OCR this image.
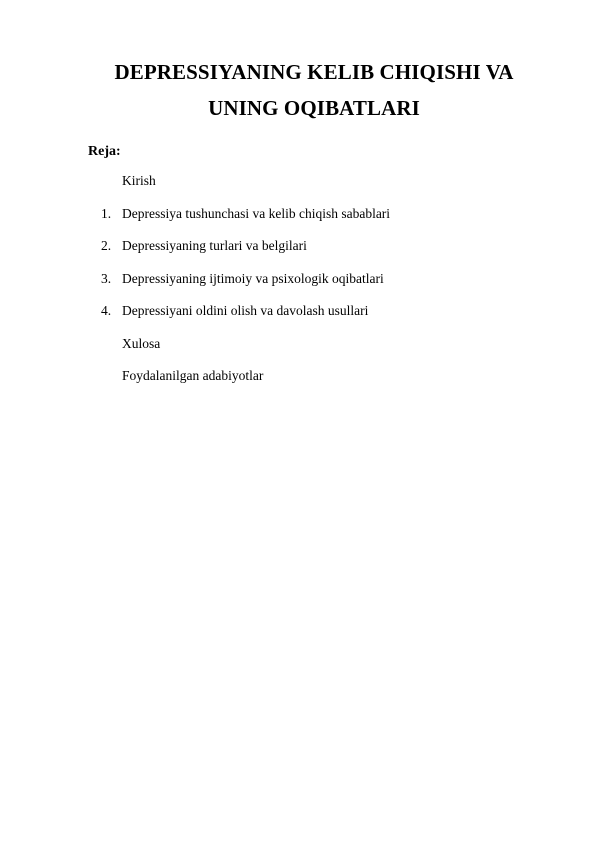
DEPRESSIYANING KELIB CHIQISHI VA
UNING OQIBATLARI
Reja:
Kirish
1. Depressiya tushunchasi va kelib chiqish sabablari
2. Depressiyaning turlari va belgilari
3. Depressiyaning ijtimoiy va psixologik oqibatlari
4. Depressiyani oldini olish va davolash usullari
Xulosa
Foydalanilgan adabiyotlar
